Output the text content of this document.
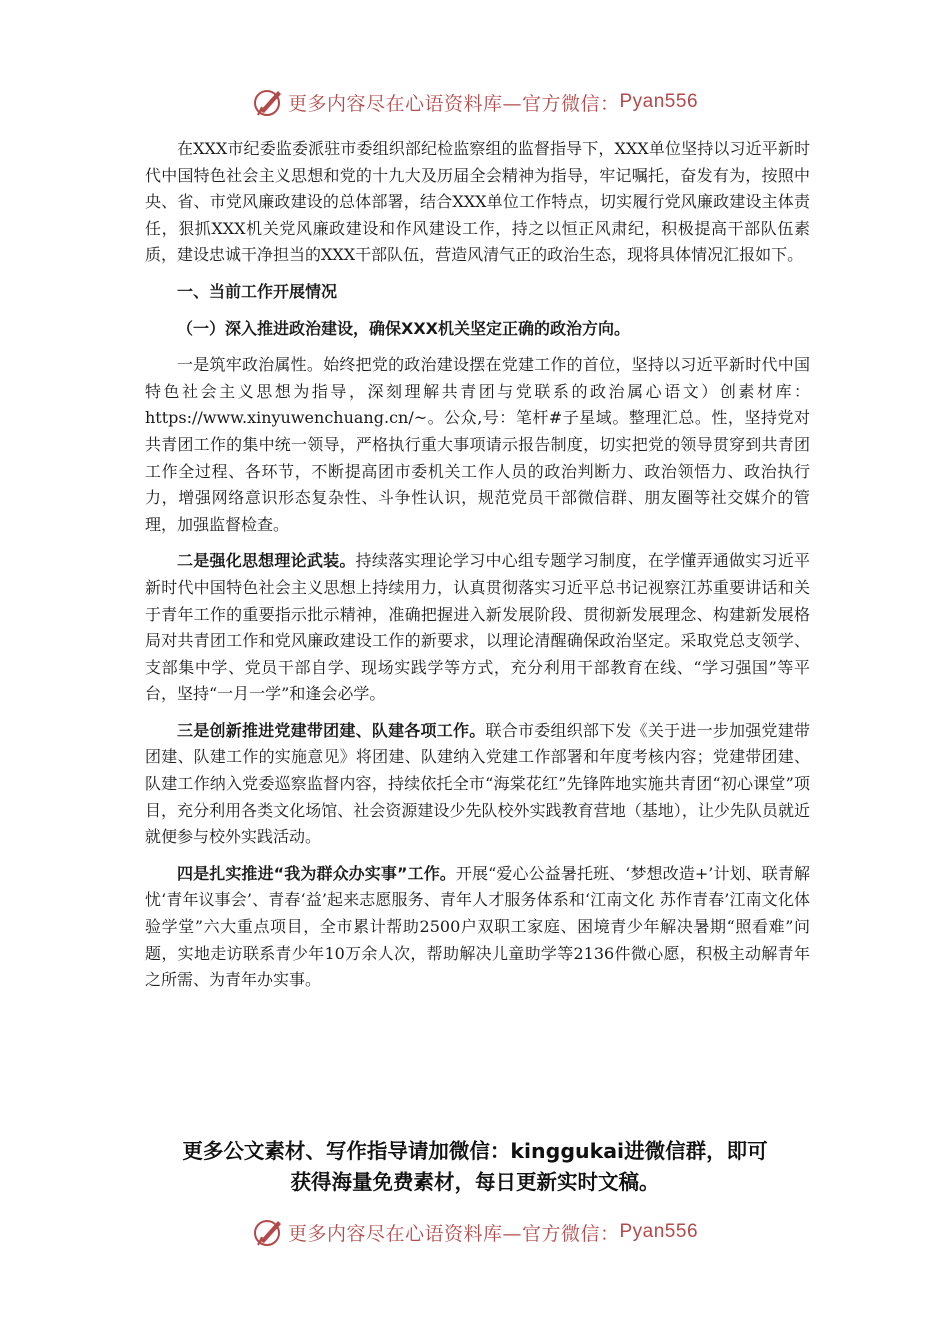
更多内容尽在心语资料库—官方微信： Pyan556

在XXX市纪委监委派驻市委组织部纪检监察组的监督指导下，XXX单位坚持以习近平新时代中国特色社会主义思想和党的十九大及历届全会精神为指导，牢记嘱托，奋发有为，按照中央、省、市党风廉政建设的总体部署，结合XXX单位工作特点，切实履行党风廉政建设主体责任，狠抓XXX机关党风廉政建设和作风建设工作，持之以恒正风肃纪，积极提高干部队伍素质，建设忠诚干净担当的XXX干部队伍，营造风清气正的政治生态，现将具体情况汇报如下。

一、当前工作开展情况

（一）深入推进政治建设，确保XXX机关坚定正确的政治方向。

一是筑牢政治属性。始终把党的政治建设摆在党建工作的首位，坚持以习近平新时代中国特色社会主义思想为指导，深刻理解共青团与党联系的政治属心语文）创素材库：https://www.xinyuwenchuang.cn/~。公众,号：笔杆#子星域。整理汇总。性，坚持党对共青团工作的集中统一领导，严格执行重大事项请示报告制度，切实把党的领导贯穿到共青团工作全过程、各环节，不断提高团市委机关工作人员的政治判断力、政治领悟力、政治执行力，增强网络意识形态复杂性、斗争性认识，规范党员干部微信群、朋友圈等社交媒介的管理，加强监督检查。

二是强化思想理论武装。持续落实理论学习中心组专题学习制度，在学懂弄通做实习近平新时代中国特色社会主义思想上持续用力，认真贯彻落实习近平总书记视察江苏重要讲话和关于青年工作的重要指示批示精神，准确把握进入新发展阶段、贯彻新发展理念、构建新发展格局对共青团工作和党风廉政建设工作的新要求，以理论清醒确保政治坚定。采取党总支领学、支部集中学、党员干部自学、现场实践学等方式，充分利用干部教育在线、“学习强国”等平台，坚持“一月一学”和逢会必学。

三是创新推进党建带团建、队建各项工作。联合市委组织部下发《关于进一步加强党建带团建、队建工作的实施意见》将团建、队建纳入党建工作部署和年度考核内容；党建带团建、队建工作纳入党委巡察监督内容，持续依托全市“海棠花红”先锋阵地实施共青团“初心课堂”项目，充分利用各类文化场馆、社会资源建设少先队校外实践教育营地（基地），让少先队员就近就便参与校外实践活动。

四是扎实推进“我为群众办实事”工作。开展“爱心公益暑托班、‘梦想改造+’计划、联青解忧‘青年议事会’、青春‘益’起来志愿服务、青年人才服务体系和‘江南文化 苏作青春’江南文化体验学堂”六大重点项目，全市累计帮助2500户双职工家庭、困境青少年解决暑期“照看难”问题，实地走访联系青少年10万余人次，帮助解决儿童助学等2136件微心愿，积极主动解青年之所需、为青年办实事。

更多公文素材、写作指导请加微信：kinggukai进微信群，即可
获得海量免费素材，每日更新实时文稿。
更多内容尽在心语资料库—官方微信： Pyan556
